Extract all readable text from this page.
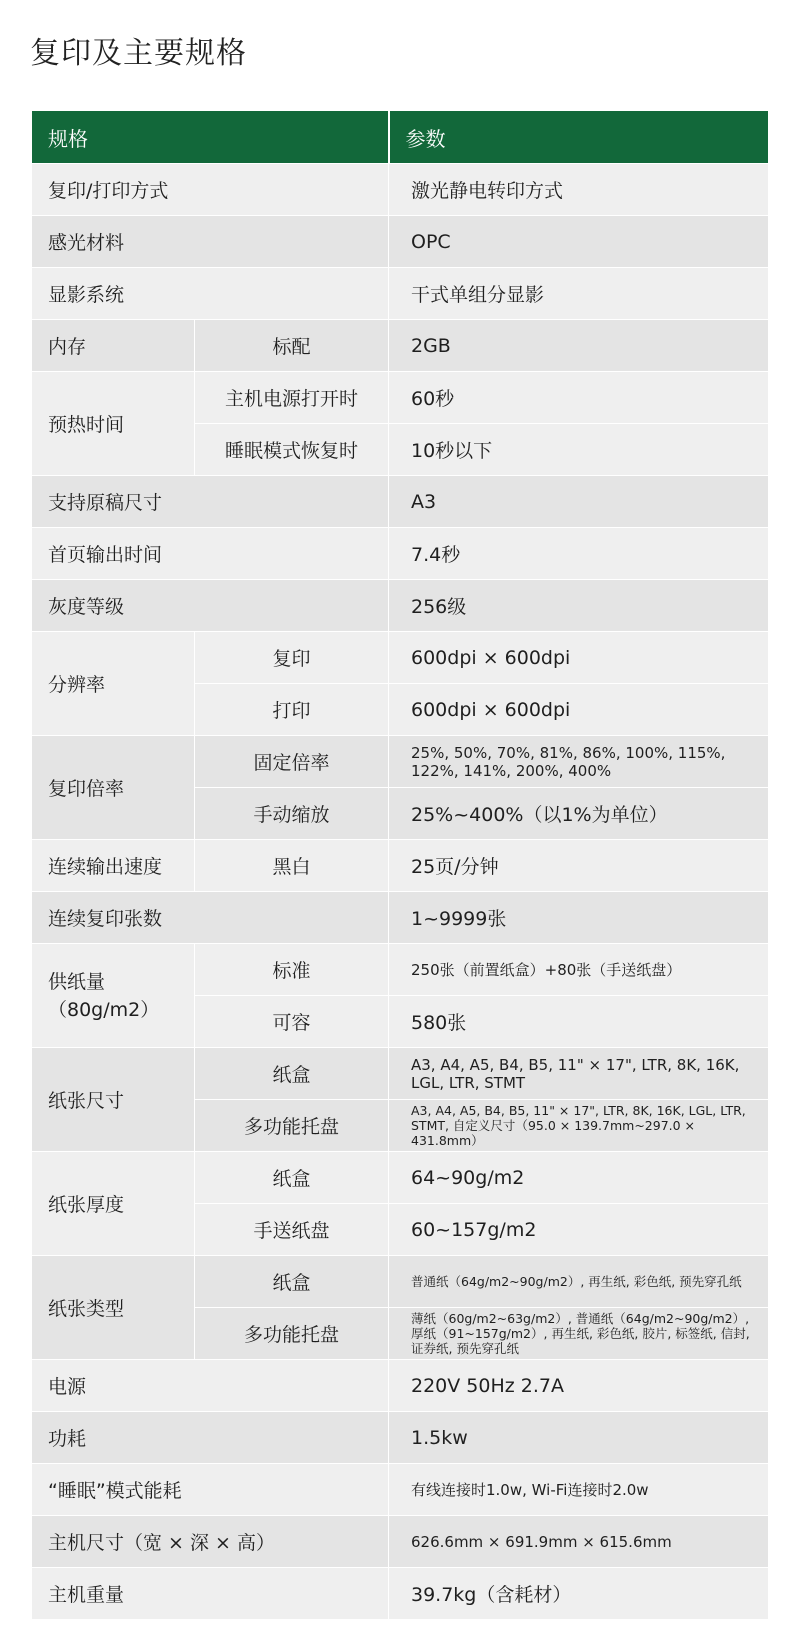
复印及主要规格
规格		参数
复印/打印方式		激光静电转印方式
感光材料		OPC
显影系统		干式单组分显影
内存	标配	2GB
预热时间	主机电源打开时	60秒
	睡眠模式恢复时	10秒以下
支持原稿尺寸		A3
首页输出时间		7.4秒
灰度等级		256级
分辨率	复印	600dpi × 600dpi
	打印	600dpi × 600dpi
复印倍率	固定倍率	25%, 50%, 70%, 81%, 86%, 100%, 115%, 122%, 141%, 200%, 400%
	手动缩放	25%~400%（以1%为单位）
连续输出速度	黑白	25页/分钟
连续复印张数		1~9999张

供纸量
（80g/m2）	标准	250张（前置纸盒）+80张（手送纸盘）
	可容	580张
纸张尺寸	纸盒	A3, A4, A5, B4, B5, 11" × 17", LTR, 8K, 16K, LGL, LTR, STMT
	多功能托盘	A3, A4, A5, B4, B5, 11" × 17", LTR, 8K, 16K, LGL, LTR, STMT, 自定义尺寸（95.0 × 139.7mm~297.0 × 431.8mm）
纸张厚度	纸盒	64~90g/m2
	手送纸盘	60~157g/m2
纸张类型	纸盒	普通纸（64g/m2~90g/m2）, 再生纸, 彩色纸, 预先穿孔纸
	多功能托盘	薄纸（60g/m2~63g/m2）, 普通纸（64g/m2~90g/m2）, 厚纸（91~157g/m2）, 再生纸, 彩色纸, 胶片, 标签纸, 信封, 证券纸, 预先穿孔纸
电源		220V 50Hz 2.7A
功耗		1.5kw
“睡眠”模式能耗		有线连接时1.0w, Wi-Fi连接时2.0w
主机尺寸（宽 × 深 × 高）		626.6mm × 691.9mm × 615.6mm
主机重量		39.7kg（含耗材）
